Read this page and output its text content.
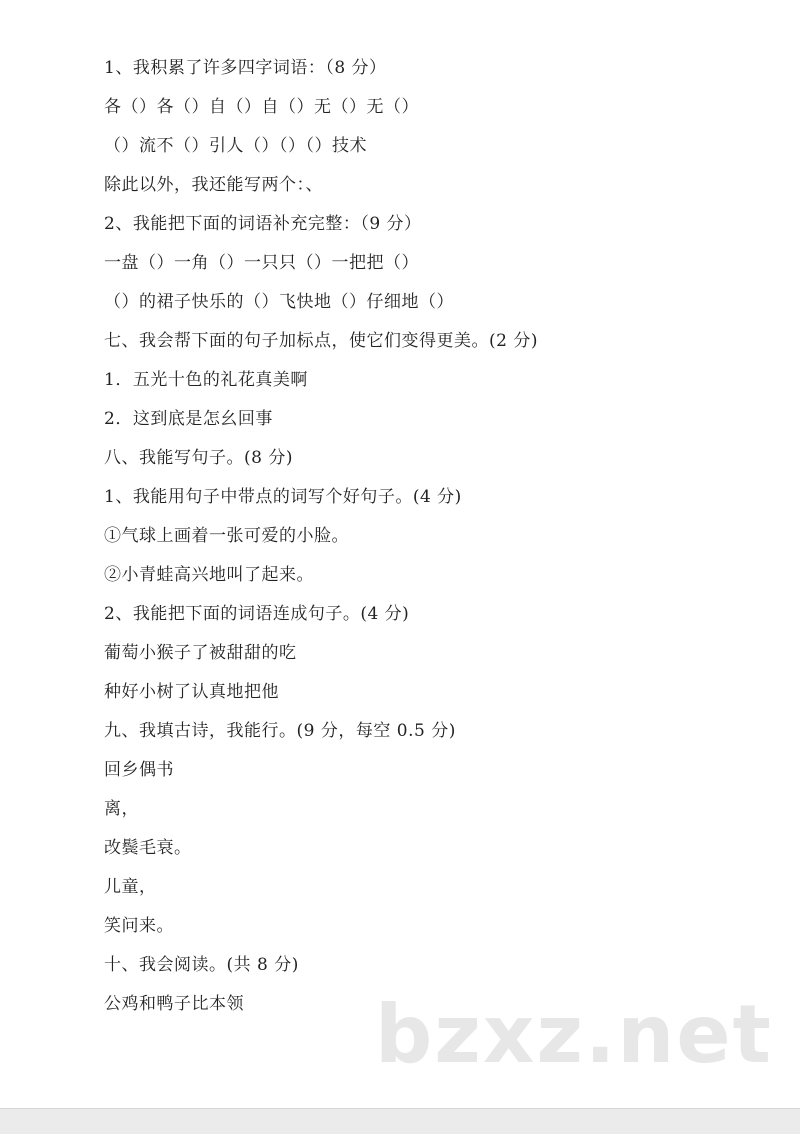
1、我积累了许多四字词语：（8 分）
各（）各（）自（）自（）无（）无（）
（）流不（）引人（）（）（）技术
除此以外，我还能写两个：、
2、我能把下面的词语补充完整：（9 分）
一盘（）一角（）一只只（）一把把（）
（）的裙子快乐的（）飞快地（）仔细地（）
七、我会帮下面的句子加标点，使它们变得更美。(2 分)
1．五光十色的礼花真美啊
2．这到底是怎幺回事
八、我能写句子。(8 分)
1、我能用句子中带点的词写个好句子。(4 分)
①气球上画着一张可爱的小脸。
②小青蛙高兴地叫了起来。
2、我能把下面的词语连成句子。(4 分)
葡萄小猴子了被甜甜的吃
种好小树了认真地把他
九、我填古诗，我能行。(9 分，每空 0.5 分)
回乡偶书
离，
改鬓毛衰。
儿童，
笑问来。
十、我会阅读。(共 8 分)
公鸡和鸭子比本领 bzxz.net
